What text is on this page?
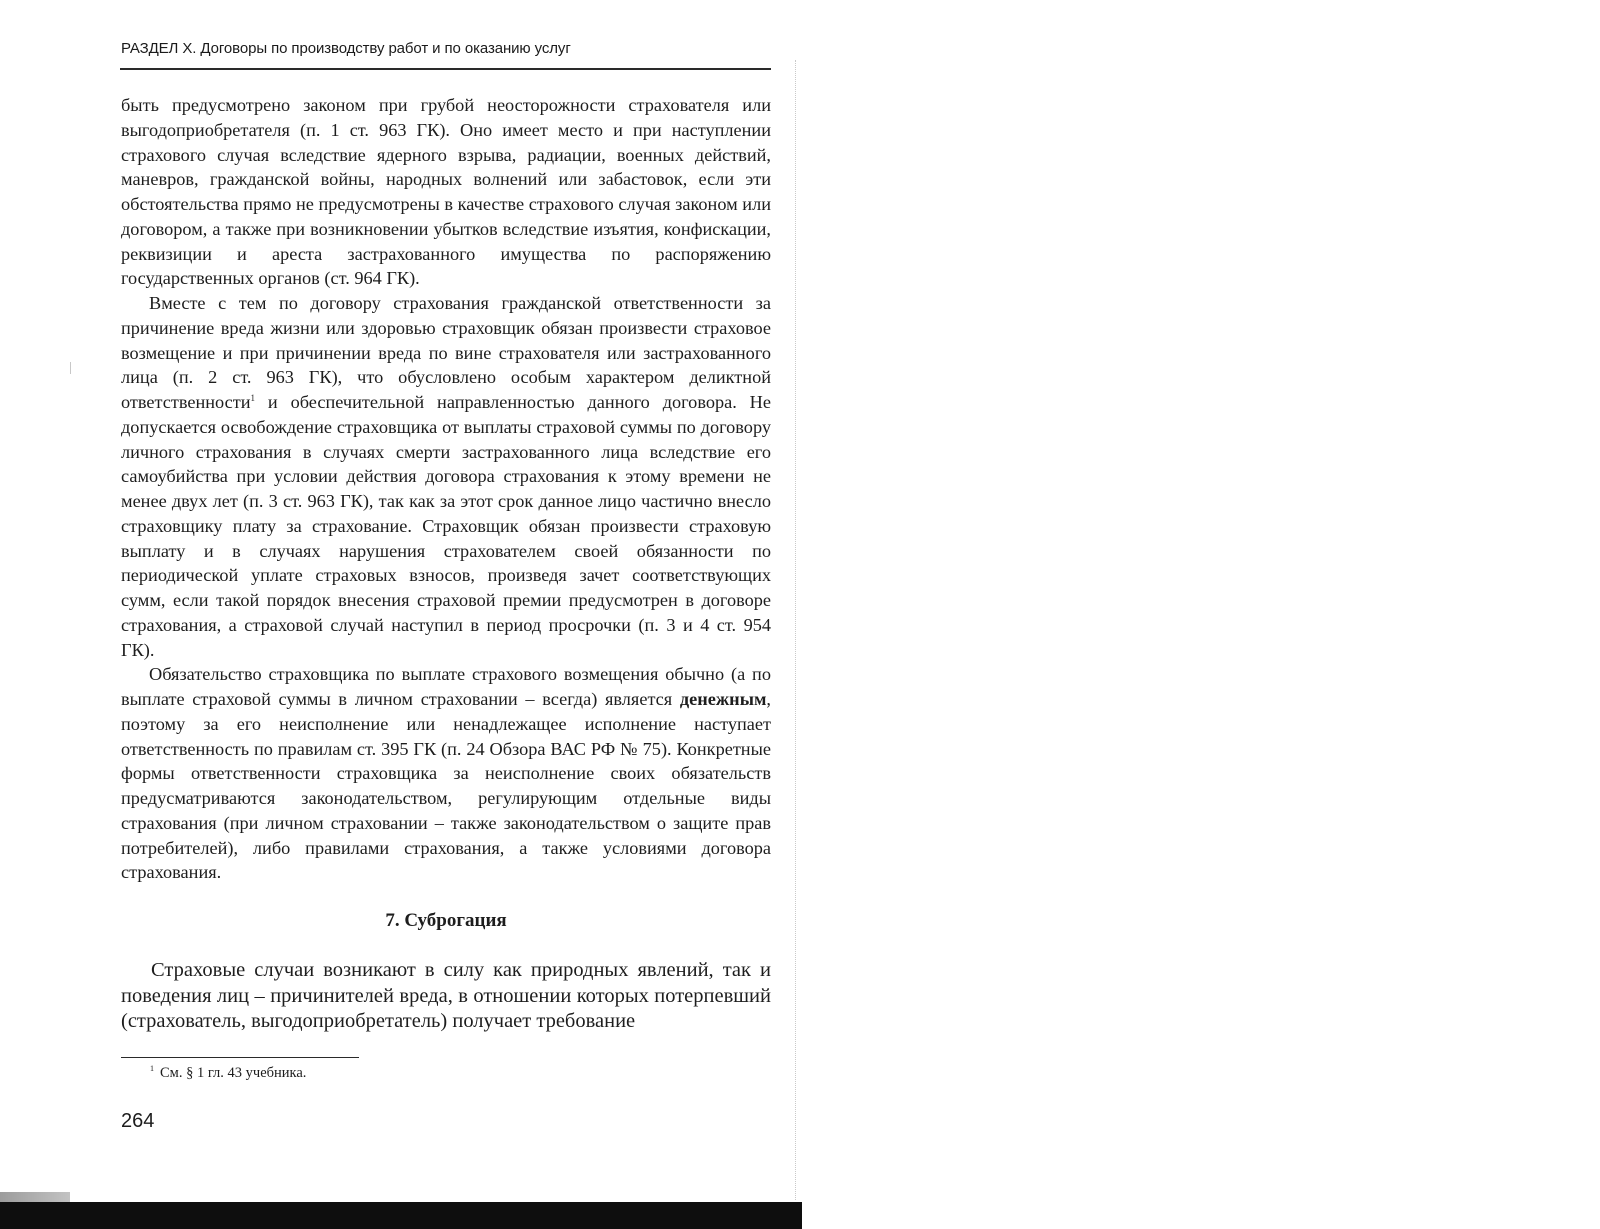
РАЗДЕЛ X. Договоры по производству работ и по оказанию услуг

быть предусмотрено законом при грубой неосторожности страхователя или выгодоприобретателя (п. 1 ст. 963 ГК). Оно имеет место и при наступлении страхового случая вследствие ядерного взрыва, радиации, военных действий, маневров, гражданской войны, народных волнений или забастовок, если эти обстоятельства прямо не предусмотрены в качестве страхового случая законом или договором, а также при возникновении убытков вследствие изъятия, конфискации, реквизиции и ареста застрахованного имущества по распоряжению государственных органов (ст. 964 ГК).

Вместе с тем по договору страхования гражданской ответственности за причинение вреда жизни или здоровью страховщик обязан произвести страховое возмещение и при причинении вреда по вине страхователя или застрахованного лица (п. 2 ст. 963 ГК), что обусловлено особым характером деликтной ответственности$^1$ и обеспечительной направленностью данного договора. Не допускается освобождение страховщика от выплаты страховой суммы по договору личного страхования в случаях смерти застрахованного лица вследствие его самоубийства при условии действия договора страхования к этому времени не менее двух лет (п. 3 ст. 963 ГК), так как за этот срок данное лицо частично внесло страховщику плату за страхование. Страховщик обязан произвести страховую выплату и в случаях нарушения страхователем своей обязанности по периодической уплате страховых взносов, произведя зачет соответствующих сумм, если такой порядок внесения страховой премии предусмотрен в договоре страхования, а страховой случай наступил в период просрочки (п. 3 и 4 ст. 954 ГК).

Обязательство страховщика по выплате страхового возмещения обычно (а по выплате страховой суммы в личном страховании – всегда) является денежным, поэтому за его неисполнение или ненадлежащее исполнение наступает ответственность по правилам ст. 395 ГК (п. 24 Обзора ВАС РФ № 75). Конкретные формы ответственности страховщика за неисполнение своих обязательств предусматриваются законодательством, регулирующим отдельные виды страхования (при личном страховании – также законодательством о защите прав потребителей), либо правилами страхования, а также условиями договора страхования.

7. Суброгация

Страховые случаи возникают в силу как природных явлений, так и поведения лиц – причинителей вреда, в отношении которых потерпевший (страхователь, выгодоприобретатель) получает требование

$^1$ См. § 1 гл. 43 учебника.
264
